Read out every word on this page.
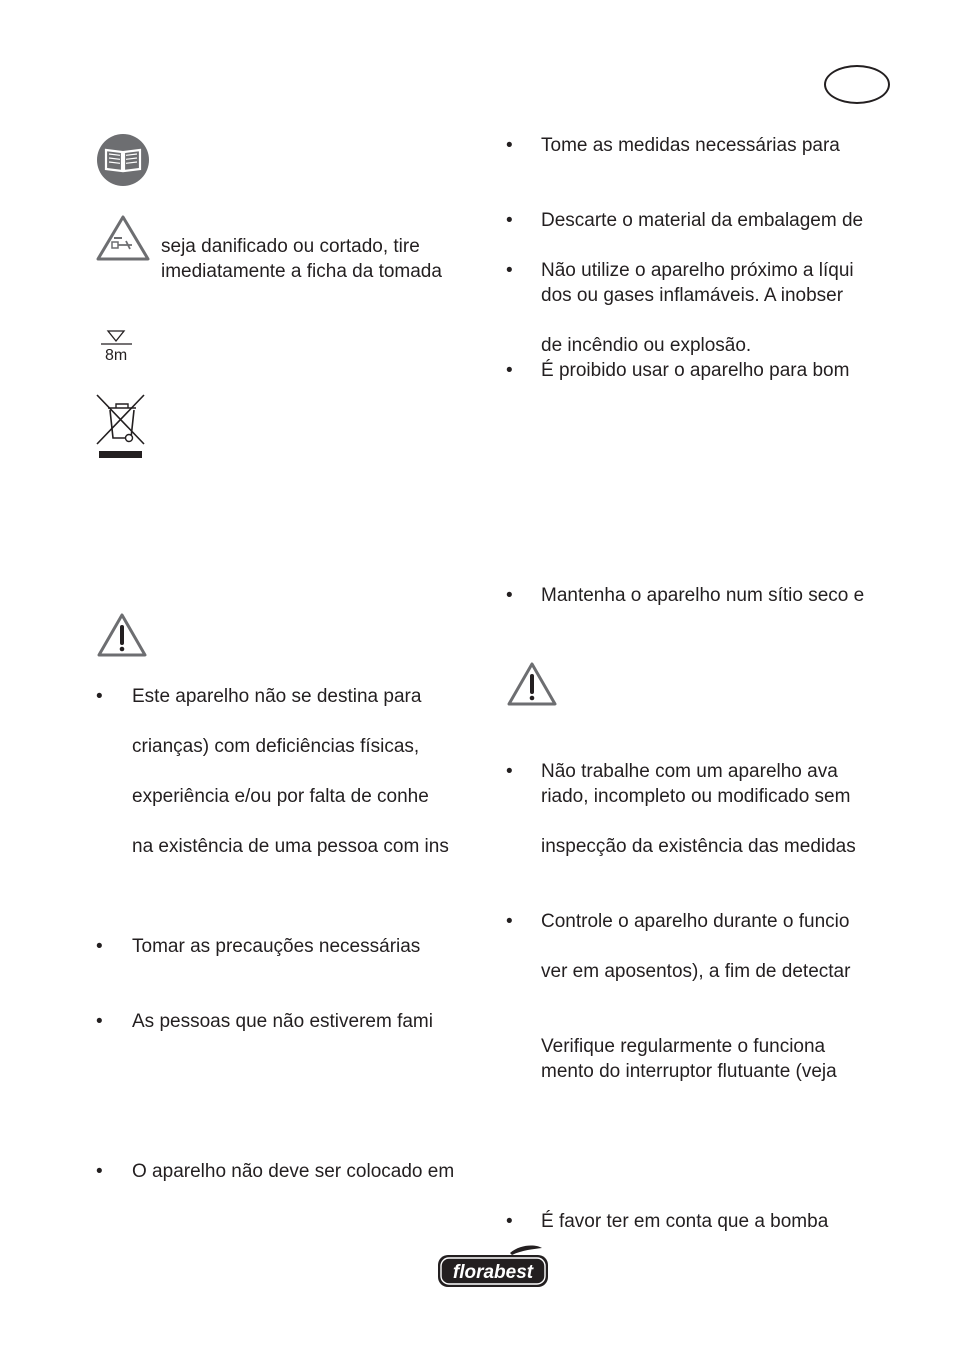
seja danificado ou cortado, tire
imediatamente a ficha da tomada
8m
• Este aparelho não se destina para
crianças) com deficiências físicas,
experiência e/ou por falta de conhe
na existência de uma pessoa com ins
• Tomar as precauções necessárias
• As pessoas que não estiverem fami
• O aparelho não deve ser colocado em
• Tome as medidas necessárias para
• Descarte o material da embalagem de
• Não utilize o aparelho próximo a líqui
dos ou gases inflamáveis. A inobser
de incêndio ou explosão.
• É proibido usar o aparelho para bom
• Mantenha o aparelho num sítio seco e
• Não trabalhe com um aparelho ava
riado, incompleto ou modificado sem
inspecção da existência das medidas
• Controle o aparelho durante o funcio
ver em aposentos), a fim de detectar
Verifique regularmente o funciona
mento do interruptor flutuante (veja
• É favor ter em conta que a bomba
florabest
